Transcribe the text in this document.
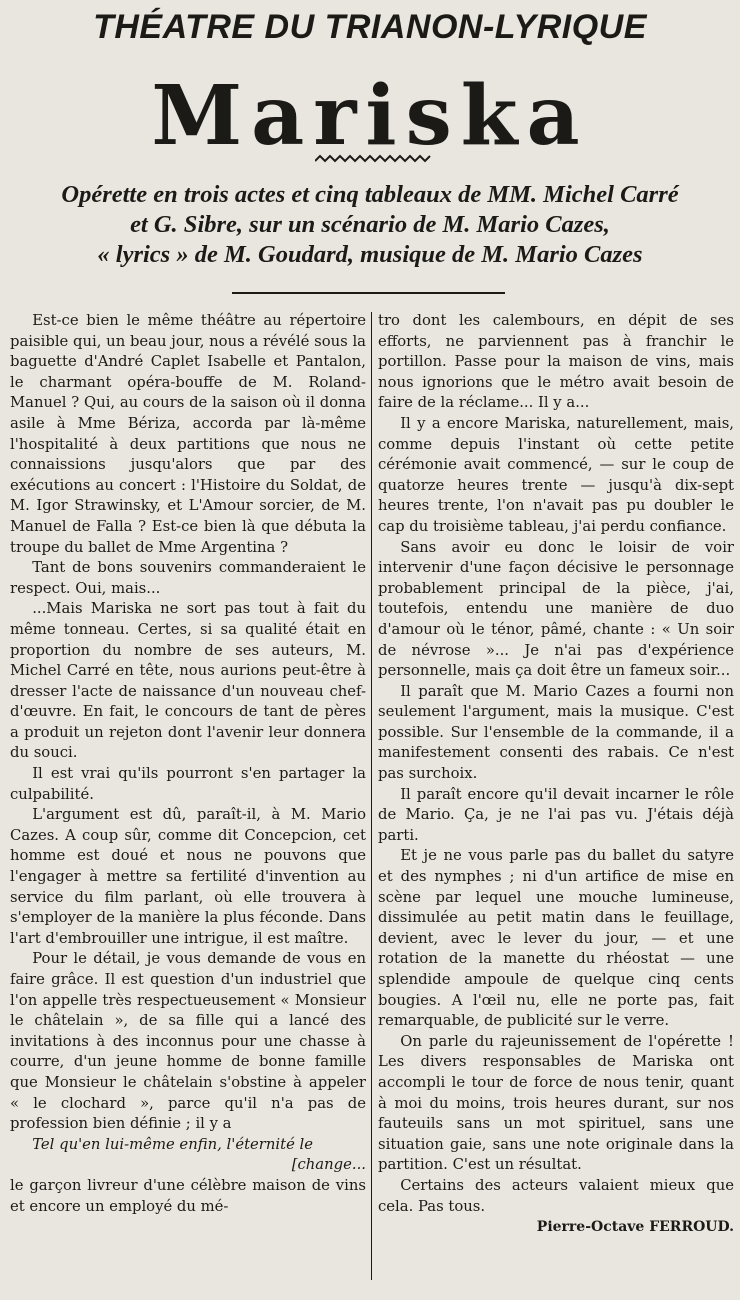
THÉATRE DU TRIANON-LYRIQUE
Mariska
Opérette en trois actes et cinq tableaux de MM. Michel Carré
et G. Sibre, sur un scénario de M. Mario Cazes,
« lyrics » de M. Goudard, musique de M. Mario Cazes

Est-ce bien le même théâtre au répertoire paisible qui, un beau jour, nous a révélé sous la baguette d'André Caplet Isabelle et Pantalon, le charmant opéra-bouffe de M. Roland-Manuel ? Qui, au cours de la saison où il donna asile à Mme Bériza, accorda par là-même l'hospitalité à deux partitions que nous ne connaissions jusqu'alors que par des exécutions au concert : l'Histoire du Soldat, de M. Igor Strawinsky, et L'Amour sorcier, de M. Manuel de Falla ? Est-ce bien là que débuta la troupe du ballet de Mme Argentina ?

Tant de bons souvenirs commanderaient le respect. Oui, mais...

...Mais Mariska ne sort pas tout à fait du même tonneau. Certes, si sa qualité était en proportion du nombre de ses auteurs, M. Michel Carré en tête, nous aurions peut-être à dresser l'acte de naissance d'un nouveau chef-d'œuvre. En fait, le concours de tant de pères a produit un rejeton dont l'avenir leur donnera du souci.

Il est vrai qu'ils pourront s'en partager la culpabilité.

L'argument est dû, paraît-il, à M. Mario Cazes. A coup sûr, comme dit Concepcion, cet homme est doué et nous ne pouvons que l'engager à mettre sa fertilité d'invention au service du film parlant, où elle trouvera à s'employer de la manière la plus féconde. Dans l'art d'embrouiller une intrigue, il est maître.

Pour le détail, je vous demande de vous en faire grâce. Il est question d'un industriel que l'on appelle très respectueusement « Monsieur le châtelain », de sa fille qui a lancé des invitations à des inconnus pour une chasse à courre, d'un jeune homme de bonne famille que Monsieur le châtelain s'obstine à appeler « le clochard », parce qu'il n'a pas de profession bien définie ; il y a

Tel qu'en lui-même enfin, l'éternité le

[change...

le garçon livreur d'une célèbre maison de vins et encore un employé du mé-

tro dont les calembours, en dépit de ses efforts, ne parviennent pas à franchir le portillon. Passe pour la maison de vins, mais nous ignorions que le métro avait besoin de faire de la réclame... Il y a...

Il y a encore Mariska, naturellement, mais, comme depuis l'instant où cette petite cérémonie avait commencé, — sur le coup de quatorze heures trente — jusqu'à dix-sept heures trente, l'on n'avait pas pu doubler le cap du troisième tableau, j'ai perdu confiance.

Sans avoir eu donc le loisir de voir intervenir d'une façon décisive le personnage probablement principal de la pièce, j'ai, toutefois, entendu une manière de duo d'amour où le ténor, pâmé, chante : « Un soir de névrose »... Je n'ai pas d'expérience personnelle, mais ça doit être un fameux soir...

Il paraît que M. Mario Cazes a fourni non seulement l'argument, mais la musique. C'est possible. Sur l'ensemble de la commande, il a manifestement consenti des rabais. Ce n'est pas surchoix.

Il paraît encore qu'il devait incarner le rôle de Mario. Ça, je ne l'ai pas vu. J'étais déjà parti.

Et je ne vous parle pas du ballet du satyre et des nymphes ; ni d'un artifice de mise en scène par lequel une mouche lumineuse, dissimulée au petit matin dans le feuillage, devient, avec le lever du jour, — et une rotation de la manette du rhéostat — une splendide ampoule de quelque cinq cents bougies. A l'œil nu, elle ne porte pas, fait remarquable, de publicité sur le verre.

On parle du rajeunissement de l'opérette ! Les divers responsables de Mariska ont accompli le tour de force de nous tenir, quant à moi du moins, trois heures durant, sur nos fauteuils sans un mot spirituel, sans une situation gaie, sans une note originale dans la partition. C'est un résultat.

Certains des acteurs valaient mieux que cela. Pas tous.

Pierre-Octave FERROUD.
